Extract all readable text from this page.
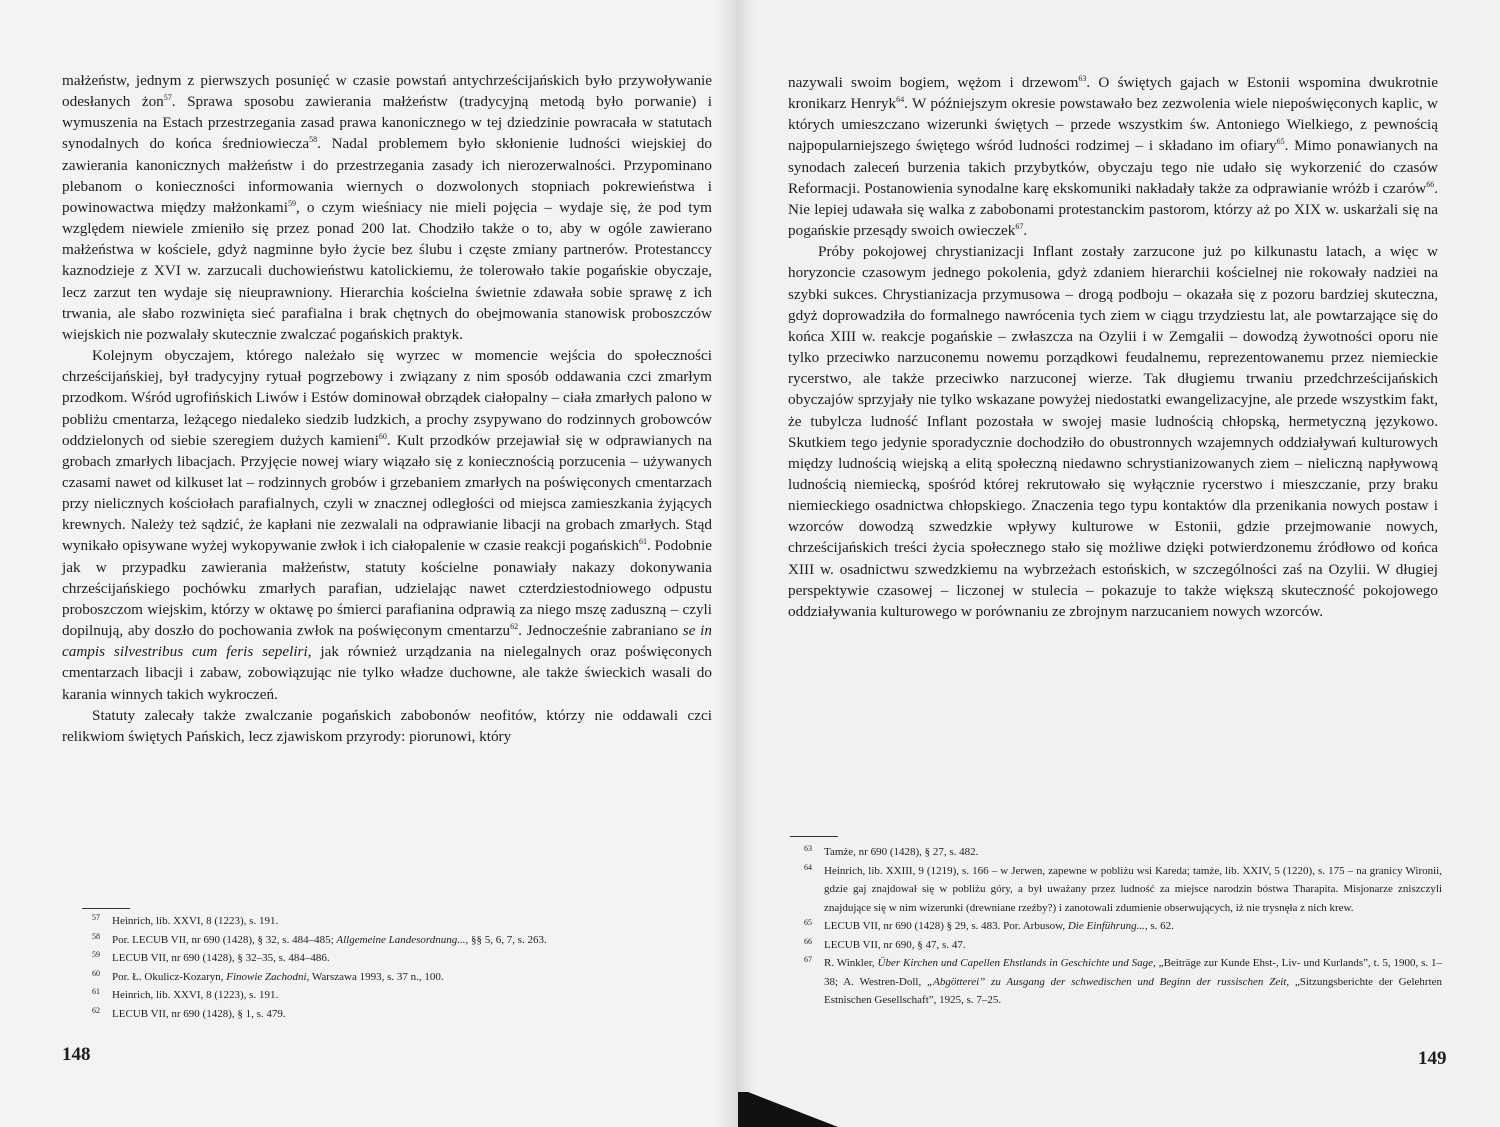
małżeństw, jednym z pierwszych posunięć w czasie powstań antychrześcijańskich było przywoływanie odesłanych żon$^{57}$. Sprawa sposobu zawierania małżeństw (tradycyjną metodą było porwanie) i wymuszenia na Estach przestrzegania zasad prawa kanonicznego w tej dziedzinie powracała w statutach synodalnych do końca średniowiecza$^{58}$. Nadal problemem było skłonienie ludności wiejskiej do zawierania kanonicznych małżeństw i do przestrzegania zasady ich nierozerwalności. Przypominano plebanom o konieczności informowania wiernych o dozwolonych stopniach pokrewieństwa i powinowactwa między małżonkami$^{59}$, o czym wieśniacy nie mieli pojęcia – wydaje się, że pod tym względem niewiele zmieniło się przez ponad 200 lat. Chodziło także o to, aby w ogóle zawierano małżeństwa w kościele, gdyż nagminne było życie bez ślubu i częste zmiany partnerów. Protestanccy kaznodzieje z XVI w. zarzucali duchowieństwu katolickiemu, że tolerowało takie pogańskie obyczaje, lecz zarzut ten wydaje się nieuprawniony. Hierarchia kościelna świetnie zdawała sobie sprawę z ich trwania, ale słabo rozwinięta sieć parafialna i brak chętnych do obejmowania stanowisk proboszczów wiejskich nie pozwalały skutecznie zwalczać pogańskich praktyk.

Kolejnym obyczajem, którego należało się wyrzec w momencie wejścia do społeczności chrześcijańskiej, był tradycyjny rytuał pogrzebowy i związany z nim sposób oddawania czci zmarłym przodkom. Wśród ugrofińskich Liwów i Estów dominował obrządek ciałopalny – ciała zmarłych palono w pobliżu cmentarza, leżącego niedaleko siedzib ludzkich, a prochy zsypywano do rodzinnych grobowców oddzielonych od siebie szeregiem dużych kamieni$^{60}$. Kult przodków przejawiał się w odprawianych na grobach zmarłych libacjach. Przyjęcie nowej wiary wiązało się z koniecznością porzucenia – używanych czasami nawet od kilkuset lat – rodzinnych grobów i grzebaniem zmarłych na poświęconych cmentarzach przy nielicznych kościołach parafialnych, czyli w znacznej odległości od miejsca zamieszkania żyjących krewnych. Należy też sądzić, że kapłani nie zezwalali na odprawianie libacji na grobach zmarłych. Stąd wynikało opisywane wyżej wykopywanie zwłok i ich ciałopalenie w czasie reakcji pogańskich$^{61}$. Podobnie jak w przypadku zawierania małżeństw, statuty kościelne ponawiały nakazy dokonywania chrześcijańskiego pochówku zmarłych parafian, udzielając nawet czterdziestodniowego odpustu proboszczom wiejskim, którzy w oktawę po śmierci parafianina odprawią za niego mszę zaduszną – czyli dopilnują, aby doszło do pochowania zwłok na poświęconym cmentarzu$^{62}$. Jednocześnie zabraniano se in campis silvestribus cum feris sepeliri, jak również urządzania na nielegalnych oraz poświęconych cmentarzach libacji i zabaw, zobowiązując nie tylko władze duchowne, ale także świeckich wasali do karania winnych takich wykroczeń.

Statuty zalecały także zwalczanie pogańskich zabobonów neofitów, którzy nie oddawali czci relikwiom świętych Pańskich, lecz zjawiskom przyrody: piorunowi, który

57	Heinrich, lib. XXVI, 8 (1223), s. 191.
58	Por. LECUB VII, nr 690 (1428), § 32, s. 484–485; Allgemeine Landesordnung..., §§ 5, 6, 7, s. 263.
59	LECUB VII, nr 690 (1428), § 32–35, s. 484–486.
60	Por. Ł. Okulicz-Kozaryn, Finowie Zachodni, Warszawa 1993, s. 37 n., 100.
61	Heinrich, lib. XXVI, 8 (1223), s. 191.
62	LECUB VII, nr 690 (1428), § 1, s. 479.
148

nazywali swoim bogiem, wężom i drzewom$^{63}$. O świętych gajach w Estonii wspomina dwukrotnie kronikarz Henryk$^{64}$. W późniejszym okresie powstawało bez zezwolenia wiele niepoświęconych kaplic, w których umieszczano wizerunki świętych – przede wszystkim św. Antoniego Wielkiego, z pewnością najpopularniejszego świętego wśród ludności rodzimej – i składano im ofiary$^{65}$. Mimo ponawianych na synodach zaleceń burzenia takich przybytków, obyczaju tego nie udało się wykorzenić do czasów Reformacji. Postanowienia synodalne karę ekskomuniki nakładały także za odprawianie wróżb i czarów$^{66}$. Nie lepiej udawała się walka z zabobonami protestanckim pastorom, którzy aż po XIX w. uskarżali się na pogańskie przesądy swoich owieczek$^{67}$.

Próby pokojowej chrystianizacji Inflant zostały zarzucone już po kilkunastu latach, a więc w horyzoncie czasowym jednego pokolenia, gdyż zdaniem hierarchii kościelnej nie rokowały nadziei na szybki sukces. Chrystianizacja przymusowa – drogą podboju – okazała się z pozoru bardziej skuteczna, gdyż doprowadziła do formalnego nawrócenia tych ziem w ciągu trzydziestu lat, ale powtarzające się do końca XIII w. reakcje pogańskie – zwłaszcza na Ozylii i w Zemgalii – dowodzą żywotności oporu nie tylko przeciwko narzuconemu nowemu porządkowi feudalnemu, reprezentowanemu przez niemieckie rycerstwo, ale także przeciwko narzuconej wierze. Tak długiemu trwaniu przedchrześcijańskich obyczajów sprzyjały nie tylko wskazane powyżej niedostatki ewangelizacyjne, ale przede wszystkim fakt, że tubylcza ludność Inflant pozostała w swojej masie ludnością chłopską, hermetyczną językowo. Skutkiem tego jedynie sporadycznie dochodziło do obustronnych wzajemnych oddziaływań kulturowych między ludnością wiejską a elitą społeczną niedawno schrystianizowanych ziem – nieliczną napływową ludnością niemiecką, spośród której rekrutowało się wyłącznie rycerstwo i mieszczanie, przy braku niemieckiego osadnictwa chłopskiego. Znaczenia tego typu kontaktów dla przenikania nowych postaw i wzorców dowodzą szwedzkie wpływy kulturowe w Estonii, gdzie przejmowanie nowych, chrześcijańskich treści życia społecznego stało się możliwe dzięki potwierdzonemu źródłowo od końca XIII w. osadnictwu szwedzkiemu na wybrzeżach estońskich, w szczególności zaś na Ozylii. W długiej perspektywie czasowej – liczonej w stulecia – pokazuje to także większą skuteczność pokojowego oddziaływania kulturowego w porównaniu ze zbrojnym narzucaniem nowych wzorców.

63	Tamże, nr 690 (1428), § 27, s. 482.
64	Heinrich, lib. XXIII, 9 (1219), s. 166 – w Jerwen, zapewne w pobliżu wsi Kareda; tamże, lib. XXIV, 5 (1220), s. 175 – na granicy Wironii, gdzie gaj znajdował się w pobliżu góry, a był uważany przez ludność za miejsce narodzin bóstwa Tharapita. Misjonarze zniszczyli znajdujące się w nim wizerunki (drewniane rzeźby?) i zanotowali zdumienie obserwujących, iż nie trysnęła z nich krew.
65	LECUB VII, nr 690 (1428) § 29, s. 483. Por. Arbusow, Die Einführung..., s. 62.
66	LECUB VII, nr 690, § 47, s. 47.
67	R. Winkler, Über Kirchen und Capellen Ehstlands in Geschichte und Sage, „Beiträge zur Kunde Ehst-, Liv- und Kurlands”, t. 5, 1900, s. 1–38; A. Westren-Doll, „Abgötterei” zu Ausgang der schwedischen und Beginn der russischen Zeit, „Sitzungsberichte der Gelehrten Estnischen Gesellschaft”, 1925, s. 7–25.
149
